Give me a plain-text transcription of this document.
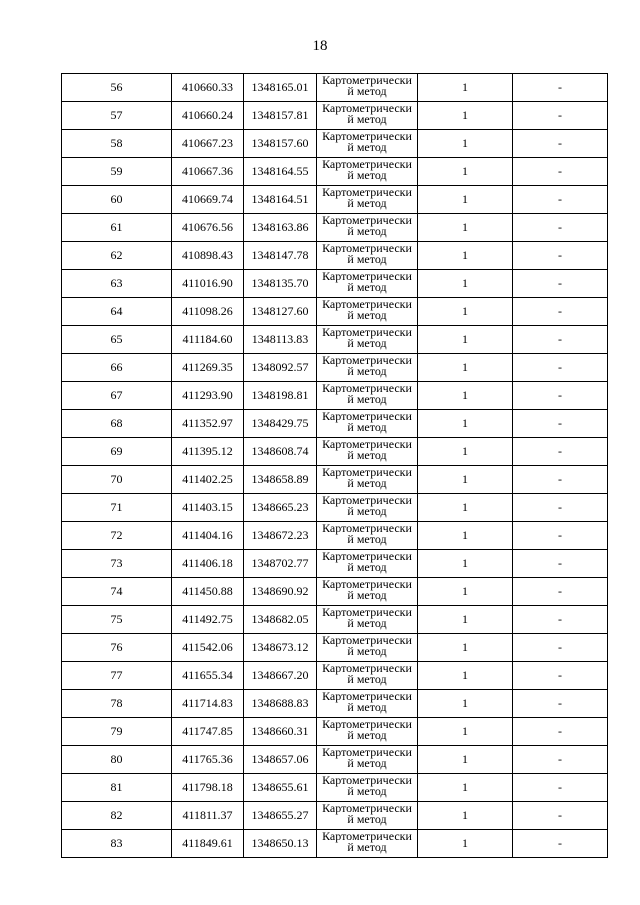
18
56	410660.33	1348165.01	Картометрический метод	1	-
57	410660.24	1348157.81	Картометрический метод	1	-
58	410667.23	1348157.60	Картометрический метод	1	-
59	410667.36	1348164.55	Картометрический метод	1	-
60	410669.74	1348164.51	Картометрический метод	1	-
61	410676.56	1348163.86	Картометрический метод	1	-
62	410898.43	1348147.78	Картометрический метод	1	-
63	411016.90	1348135.70	Картометрический метод	1	-
64	411098.26	1348127.60	Картометрический метод	1	-
65	411184.60	1348113.83	Картометрический метод	1	-
66	411269.35	1348092.57	Картометрический метод	1	-
67	411293.90	1348198.81	Картометрический метод	1	-
68	411352.97	1348429.75	Картометрический метод	1	-
69	411395.12	1348608.74	Картометрический метод	1	-
70	411402.25	1348658.89	Картометрический метод	1	-
71	411403.15	1348665.23	Картометрический метод	1	-
72	411404.16	1348672.23	Картометрический метод	1	-
73	411406.18	1348702.77	Картометрический метод	1	-
74	411450.88	1348690.92	Картометрический метод	1	-
75	411492.75	1348682.05	Картометрический метод	1	-
76	411542.06	1348673.12	Картометрический метод	1	-
77	411655.34	1348667.20	Картометрический метод	1	-
78	411714.83	1348688.83	Картометрический метод	1	-
79	411747.85	1348660.31	Картометрический метод	1	-
80	411765.36	1348657.06	Картометрический метод	1	-
81	411798.18	1348655.61	Картометрический метод	1	-
82	411811.37	1348655.27	Картометрический метод	1	-
83	411849.61	1348650.13	Картометрический метод	1	-
